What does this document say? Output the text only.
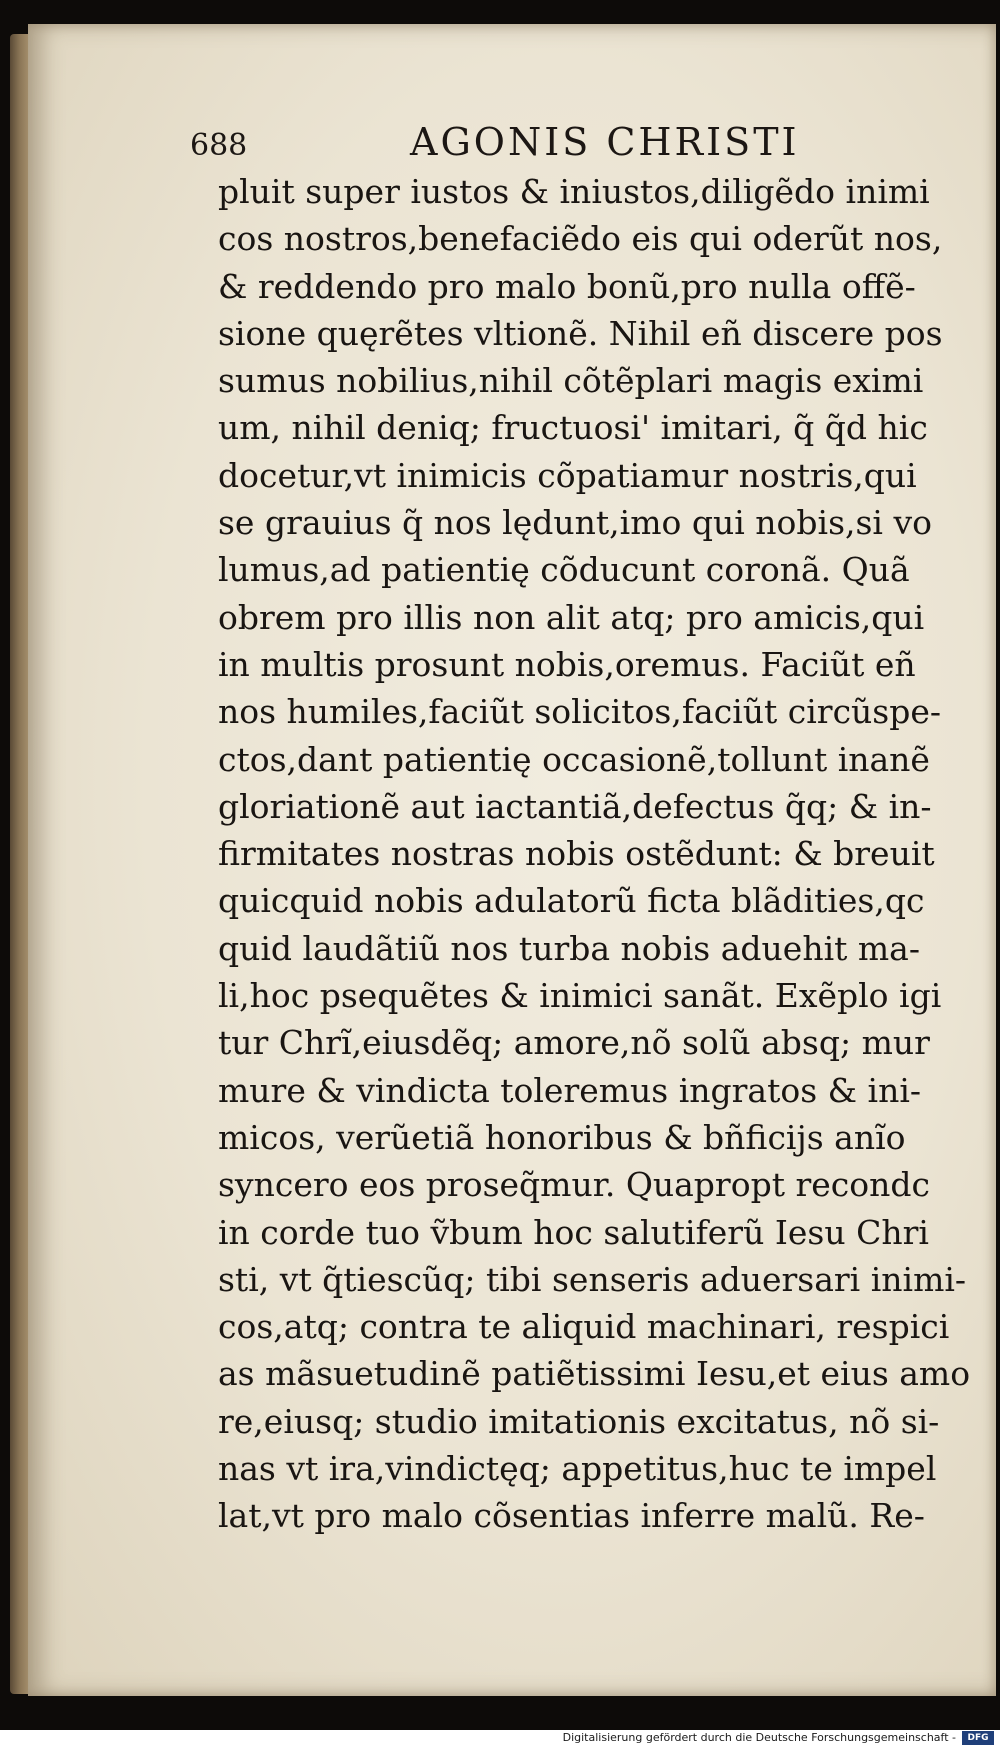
688	AGONIS CHRISTI
pluit super iustos & iniustos,diligẽdo inimi
cos nostros,benefaciẽdo eis qui oderũt nos,
& reddendo pro malo bonũ,pro nulla offẽ-
sione quęrẽtes vltionẽ. Nihil eñ discere pos
sumus nobilius,nihil cõtẽplari magis eximi
um, nihil deniq; fructuosi' imitari, q̃ q̃d hic
docetur,vt inimicis cõpatiamur nostris,qui
se grauius q̃ nos lędunt,imo qui nobis,si vo
lumus,ad patientię cõducunt coronã. Quã
obrem pro illis non alit atq; pro amicis,qui
in multis prosunt nobis,oremus. Faciũt eñ
nos humiles,faciũt solicitos,faciũt circũspe-
ctos,dant patientię occasionẽ,tollunt inanẽ
gloriationẽ aut iactantiã,defectus q̃q; & in-
firmitates nostras nobis ostẽdunt: & breuit
quicquid nobis adulatorũ ficta blãdities,qc
quid laudãtiũ nos turba nobis aduehit ma-
li,hoc psequẽtes & inimici sanãt. Exẽplo igi
tur Chrĩ,eiusdẽq; amore,nõ solũ absq; mur
mure & vindicta toleremus ingratos & ini-
micos, verũetiã honoribus & bñficijs anĩo
syncero eos proseq̃mur. Quapropt recondc
in corde tuo ṽbum hoc salutiferũ Iesu Chri
sti, vt q̃tiescũq; tibi senseris aduersari inimi-
cos,atq; contra te aliquid machinari, respici
as mãsuetudinẽ patiẽtissimi Iesu,et eius amo
re,eiusq; studio imitationis excitatus, nõ si-
nas vt ira,vindictęq; appetitus,huc te impel
lat,vt pro malo cõsentias inferre malũ. Re-
Digitalisierung gefördert durch die Deutsche Forschungsgemeinschaft -	DFG
